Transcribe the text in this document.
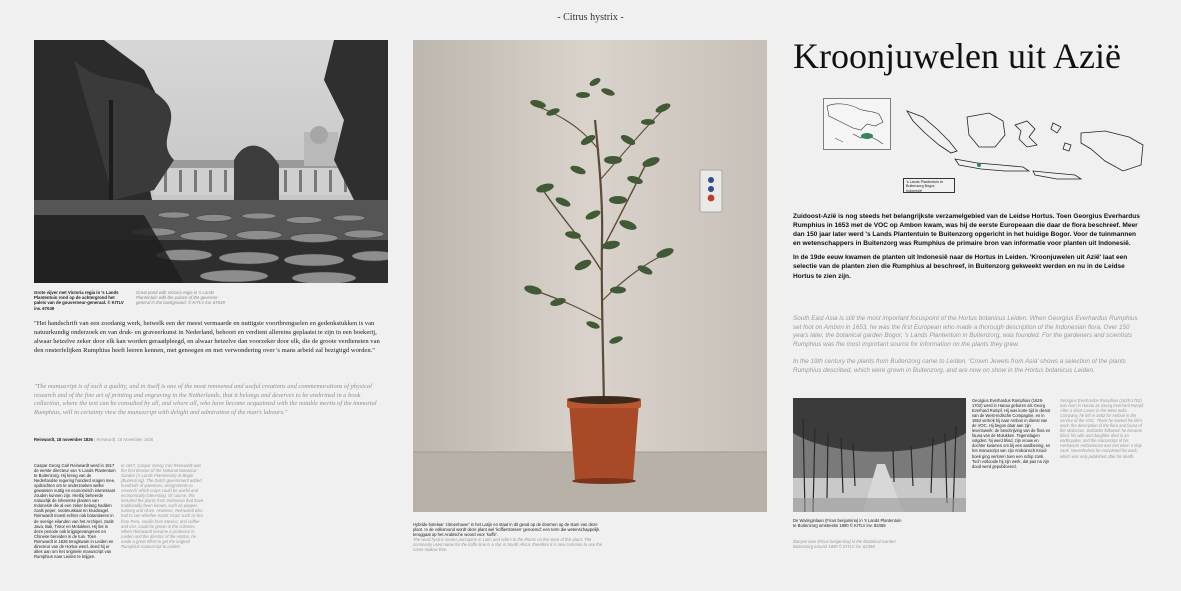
- Citrus hystrix -
Grote vijver met Victoria regia in 's Lands Plantentuin rond op de achtergrond het paleis van de gouverneur-generaal. © KITLV inv. 67049
Great pond with Victoria regia in 's Lands Plantentuin with the palace of the governor-general in the background. © KITLV inv. 67049
"Het handschrift van een zoodanig werk, hetwelk een der meest vermaarde en nuttigste voortbrengselen en gedenkstukken is van natuurkundig onderzoek en van druk- en graveerkunst in Nederland, behoort en verdient allereins geplaatst te zijn in een boekerij, alwaar hetzelve zeker door elk kan worden geraadpleegd, en alwaar hetzelve dan voorzeker door elk, die de groote verdiensten van den onsterfelijken Rumphius heeft leeren kennen, met genoegen en met verwondering over 's mans arbeid zal bezigtigd worden."
"The manuscript is of such a quality, and in itself is one of the most renowned and useful creations and commemorations of physical research and of the fine art of printing and engraving in the Netherlands, that it belongs and deserves to be enshrined in a book collection, where the text can be consulted by all, and where all, who have become acquainted with the notable merits of the immortal Rumphius, will in certainty view the manuscript with delight and admiration of the man's labours."
Reinwardt, 18 november 1826 | Reinwardt, 18 November 1826
Caspar Georg Carl Reinwardt werd in 1817 de eerste directeur van 's Lands Plantentuin te Buitenzorg. Hij kreeg van de Nederlandse regering honderd vragen mee, opdrachten om te onderzoeken welke gewassen nuttig en economisch interessant zouden kunnen zijn. Hierbij beheerde natuurlijk de inheemse planten van Indonesië die al een zeker belang hadden zoals peper, nootmuskaat en kruidnagel. Reinwardt moest echter ook botaniseren in de overige eilanden van het Archipel, zoals Java, Bali, Timor en Molukken. Hij liet in deze periode ook krijgsgevangenen en Chinese bereiden in de tuin. Toen Reinwardt in 1826 terugkwam in Leiden en directeur van de Hortus werd, deed hij er alles aan om het originele manuscript van Rumphius naar Leiden te krijgen.
In 1817, Caspar Georg Carl Reinwardt was the first director of the National Botanical Garden ('s Lands Plantentuin) at Bogor (Buitenzorg). The Dutch government added hundreds of questions, assignments to research which crops could be useful and economically interesting. Of course, this included the plants from Indonesia that have traditionally been known, such as pepper, nutmeg and clove. However, Reinwardt also had to see whether exotic crops such as tea from Peru, vanilla from Mexico, and coffee and rice, could be grown in the colonies. When Reinwardt became a professor in Leiden and the director of the Hortus, he made a great effort to get the original Rumphius manuscript to Leiden.
Hybride botelaar 'citroenhaver' in het Latijn en staat in dit geval op de doornen op de stam van deze plant. In de volksmond wordt deze plant wel 'koffiertrossen' genoemd: een term die wetenschappelijk teruggaat op het Arabische woord voor 'kuffir'.
The word hystrix means porcupine in Latin and refers to the thorns on the stem of this plant. The commonly used name for the kaffir lime is a slur in South Africa, therefore it is now common to use the name makrut lime.
Kroonjuwelen uit Azië
's Lands Plantentuin te Buitenzorg Bogor, Indonesië

Zuidoost-Azië is nog steeds het belangrijkste verzamelgebied van de Leidse Hortus. Toen Georgius Everhardus Rumphius in 1653 met de VOC op Ambon kwam, was hij de eerste Europeaan die daar de flora beschreef. Meer dan 150 jaar later werd 's Lands Plantentuin te Buitenzorg opgericht in het huidige Bogor. Voor de tuinmannen en wetenschappers in Buitenzorg was Rumphius de primaire bron van informatie voor planten uit Indonesië.

In de 19de eeuw kwamen de planten uit Indonesië naar de Hortus in Leiden. 'Kroonjuwelen uit Azië' laat een selectie van de planten zien die Rumphius al beschreef, in Buitenzorg gekweekt werden en nu in de Leidse Hortus te zien zijn.

South East Asia is still the most important focuspoint of the Hortus botanicus Leiden. When Georgius Everhardus Rumphius set foot on Ambon in 1653, he was the first European who made a thorough description of the Indonesian flora. Over 150 years later, the botanical garden Bogor, 's Lands Plantentuin in Buitenzorg, was founded. For the gardeners and scientists Rumphius was the most important source for information on the plants they grew.

In the 19th century the plants from Buitenzorg came to Leiden. 'Crown Jewels from Asia' shows a selection of the plants Rumphius described, which were grown in Buitenzorg, and are now on show in the Hortus botanicus Leiden.

De Waringinlaan (Ficus benjamina) in 's Lands Plantentuin te Buitenzorg omstreeks 1890 © KITLV inv. 82458
Banyan lane (Ficus benjamina) in the Botanical Garden Buitenzorg around 1890 © KITLV inv. 82458
Georgius Everhardus Rumphius (1628-1702) werd in Hanau geboren als Georg Everhard Rumpf. Hij was korte tijd in dienst van de West-Indische Compagnie, en in 1652 vertrok hij naar Ambon in dienst van de VOC. Hij begon daar aan zijn levenswerk: de beschrijving van de flora en fauna van de Molukken. Tegenslagen volgden: hij werd blind, zijn vrouw en dochter kwamen om bij een aardbeving, en het manuscript van zijn Amboinsch Kruid-boek ging verloren toen een schip zonk. Toch voltooide hij zijn werk, dat pas na zijn dood werd gepubliceerd.
Georgius Everhardus Rumphius (1628-1702) was born in Hanau as Georg Everhard Rumpf. After a short career in the West India Company, he left in 1652 for Ambon in the service of the VOC. There he started his life's work: the description of the flora and fauna of the Moluccas. Setbacks followed: he became blind, his wife and daughter died in an earthquake, and the manuscript of his Herbarium Amboinense was lost when a ship sank. Nevertheless he completed his work, which was only published after his death.
